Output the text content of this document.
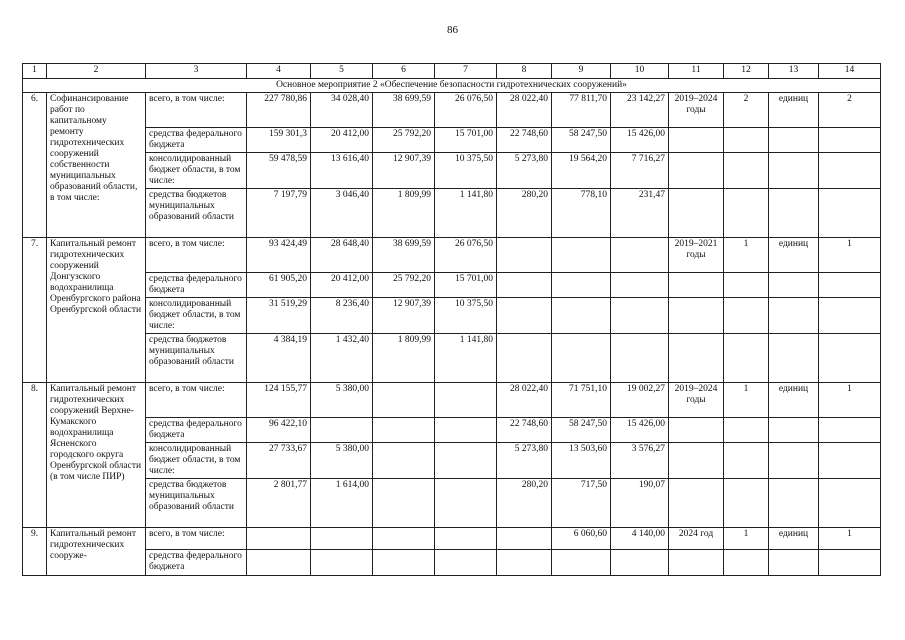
86
1	2	3	4	5	6	7	8	9	10	11	12	13	14
Основное мероприятие 2 «Обеспечение безопасности гидротехнических сооружений»													
6.	Софинансирование работ по капитальному ремонту гидротехнических сооружений собственности муниципальных образований области, в том числе:	всего, в том числе:	227 780,86	34 028,40	38 699,59	26 076,50	28 022,40	77 811,70	23 142,27	2019–2024 годы	2	единиц	2
		средства федерального бюджета	159 301,3	20 412,00	25 792,20	15 701,00	22 748,60	58 247,50	15 426,00				
		консолидированный бюджет области, в том числе:	59 478,59	13 616,40	12 907,39	10 375,50	5 273,80	19 564,20	7 716,27				
		средства бюджетов муниципальных образований области	7 197,79	3 046,40	1 809,99	1 141,80	280,20	778,10	231,47				
7.	Капитальный ремонт гидротехнических сооружений Донгузского водохранилища Оренбургского района Оренбургской области	всего, в том числе:	93 424,49	28 648,40	38 699,59	26 076,50				2019–2021 годы	1	единиц	1
		средства федерального бюджета	61 905,20	20 412,00	25 792,20	15 701,00							
		консолидированный бюджет области, в том числе:	31 519,29	8 236,40	12 907,39	10 375,50							
		средства бюджетов муниципальных образований области	4 384,19	1 432,40	1 809,99	1 141,80							
8.	Капитальный ремонт гидротехнических сооружений Верхне-Кумакского водохранилища Ясненского городского округа Оренбургской области (в том числе ПИР)	всего, в том числе:	124 155,77	5 380,00			28 022,40	71 751,10	19 002,27	2019–2024 годы	1	единиц	1
		средства федерального бюджета	96 422,10				22 748,60	58 247,50	15 426,00				
		консолидированный бюджет области, в том числе:	27 733,67	5 380,00			5 273,80	13 503,60	3 576,27				
		средства бюджетов муниципальных образований области	2 801,77	1 614,00			280,20	717,50	190,07				
9.	Капитальный ремонт гидротехнических сооруже-	всего, в том числе:						6 060,60	4 140,00	2024 год	1	единиц	1
		средства федерального бюджета											
